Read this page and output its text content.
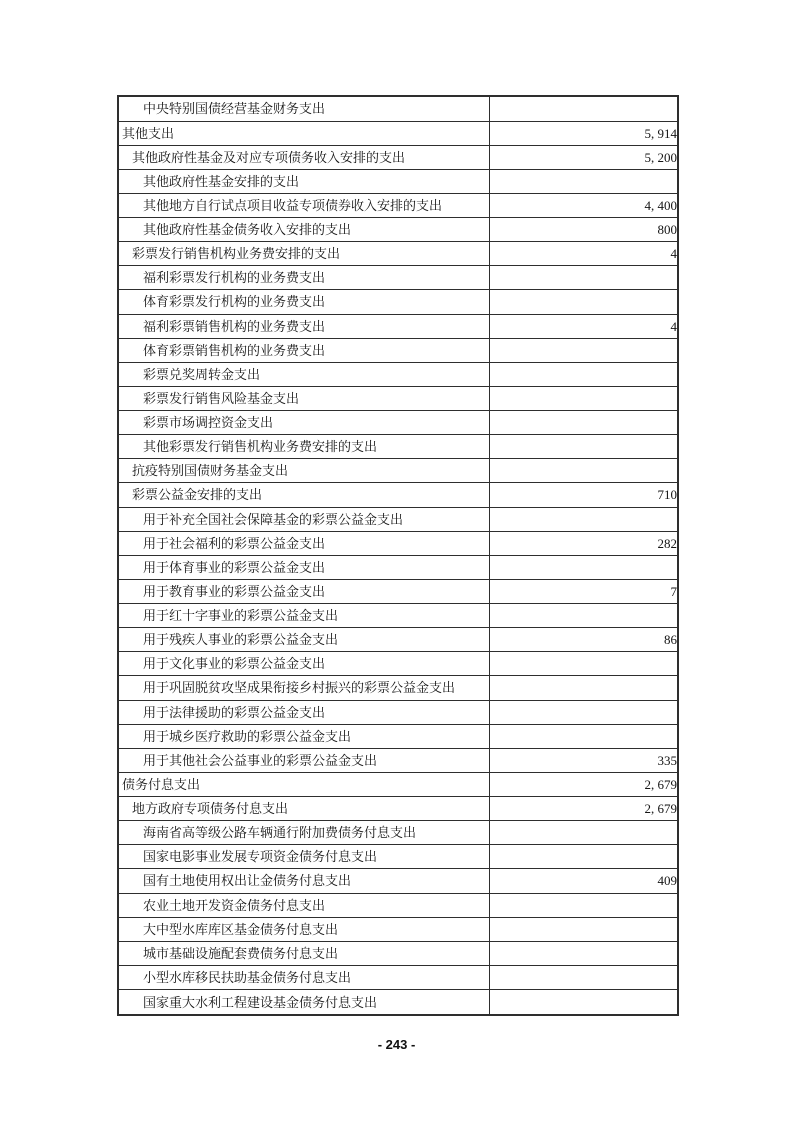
中央特别国债经营基金财务支出	
其他支出	5, 914
其他政府性基金及对应专项债务收入安排的支出	5, 200
其他政府性基金安排的支出	
其他地方自行试点项目收益专项债券收入安排的支出	4, 400
其他政府性基金债务收入安排的支出	800
彩票发行销售机构业务费安排的支出	4
福利彩票发行机构的业务费支出	
体育彩票发行机构的业务费支出	
福利彩票销售机构的业务费支出	4
体育彩票销售机构的业务费支出	
彩票兑奖周转金支出	
彩票发行销售风险基金支出	
彩票市场调控资金支出	
其他彩票发行销售机构业务费安排的支出	
抗疫特别国债财务基金支出	
彩票公益金安排的支出	710
用于补充全国社会保障基金的彩票公益金支出	
用于社会福利的彩票公益金支出	282
用于体育事业的彩票公益金支出	
用于教育事业的彩票公益金支出	7
用于红十字事业的彩票公益金支出	
用于残疾人事业的彩票公益金支出	86
用于文化事业的彩票公益金支出	
用于巩固脱贫攻坚成果衔接乡村振兴的彩票公益金支出	
用于法律援助的彩票公益金支出	
用于城乡医疗救助的彩票公益金支出	
用于其他社会公益事业的彩票公益金支出	335
债务付息支出	2, 679
地方政府专项债务付息支出	2, 679
海南省高等级公路车辆通行附加费债务付息支出	
国家电影事业发展专项资金债务付息支出	
国有土地使用权出让金债务付息支出	409
农业土地开发资金债务付息支出	
大中型水库库区基金债务付息支出	
城市基础设施配套费债务付息支出	
小型水库移民扶助基金债务付息支出	
国家重大水利工程建设基金债务付息支出	
- 243 -
